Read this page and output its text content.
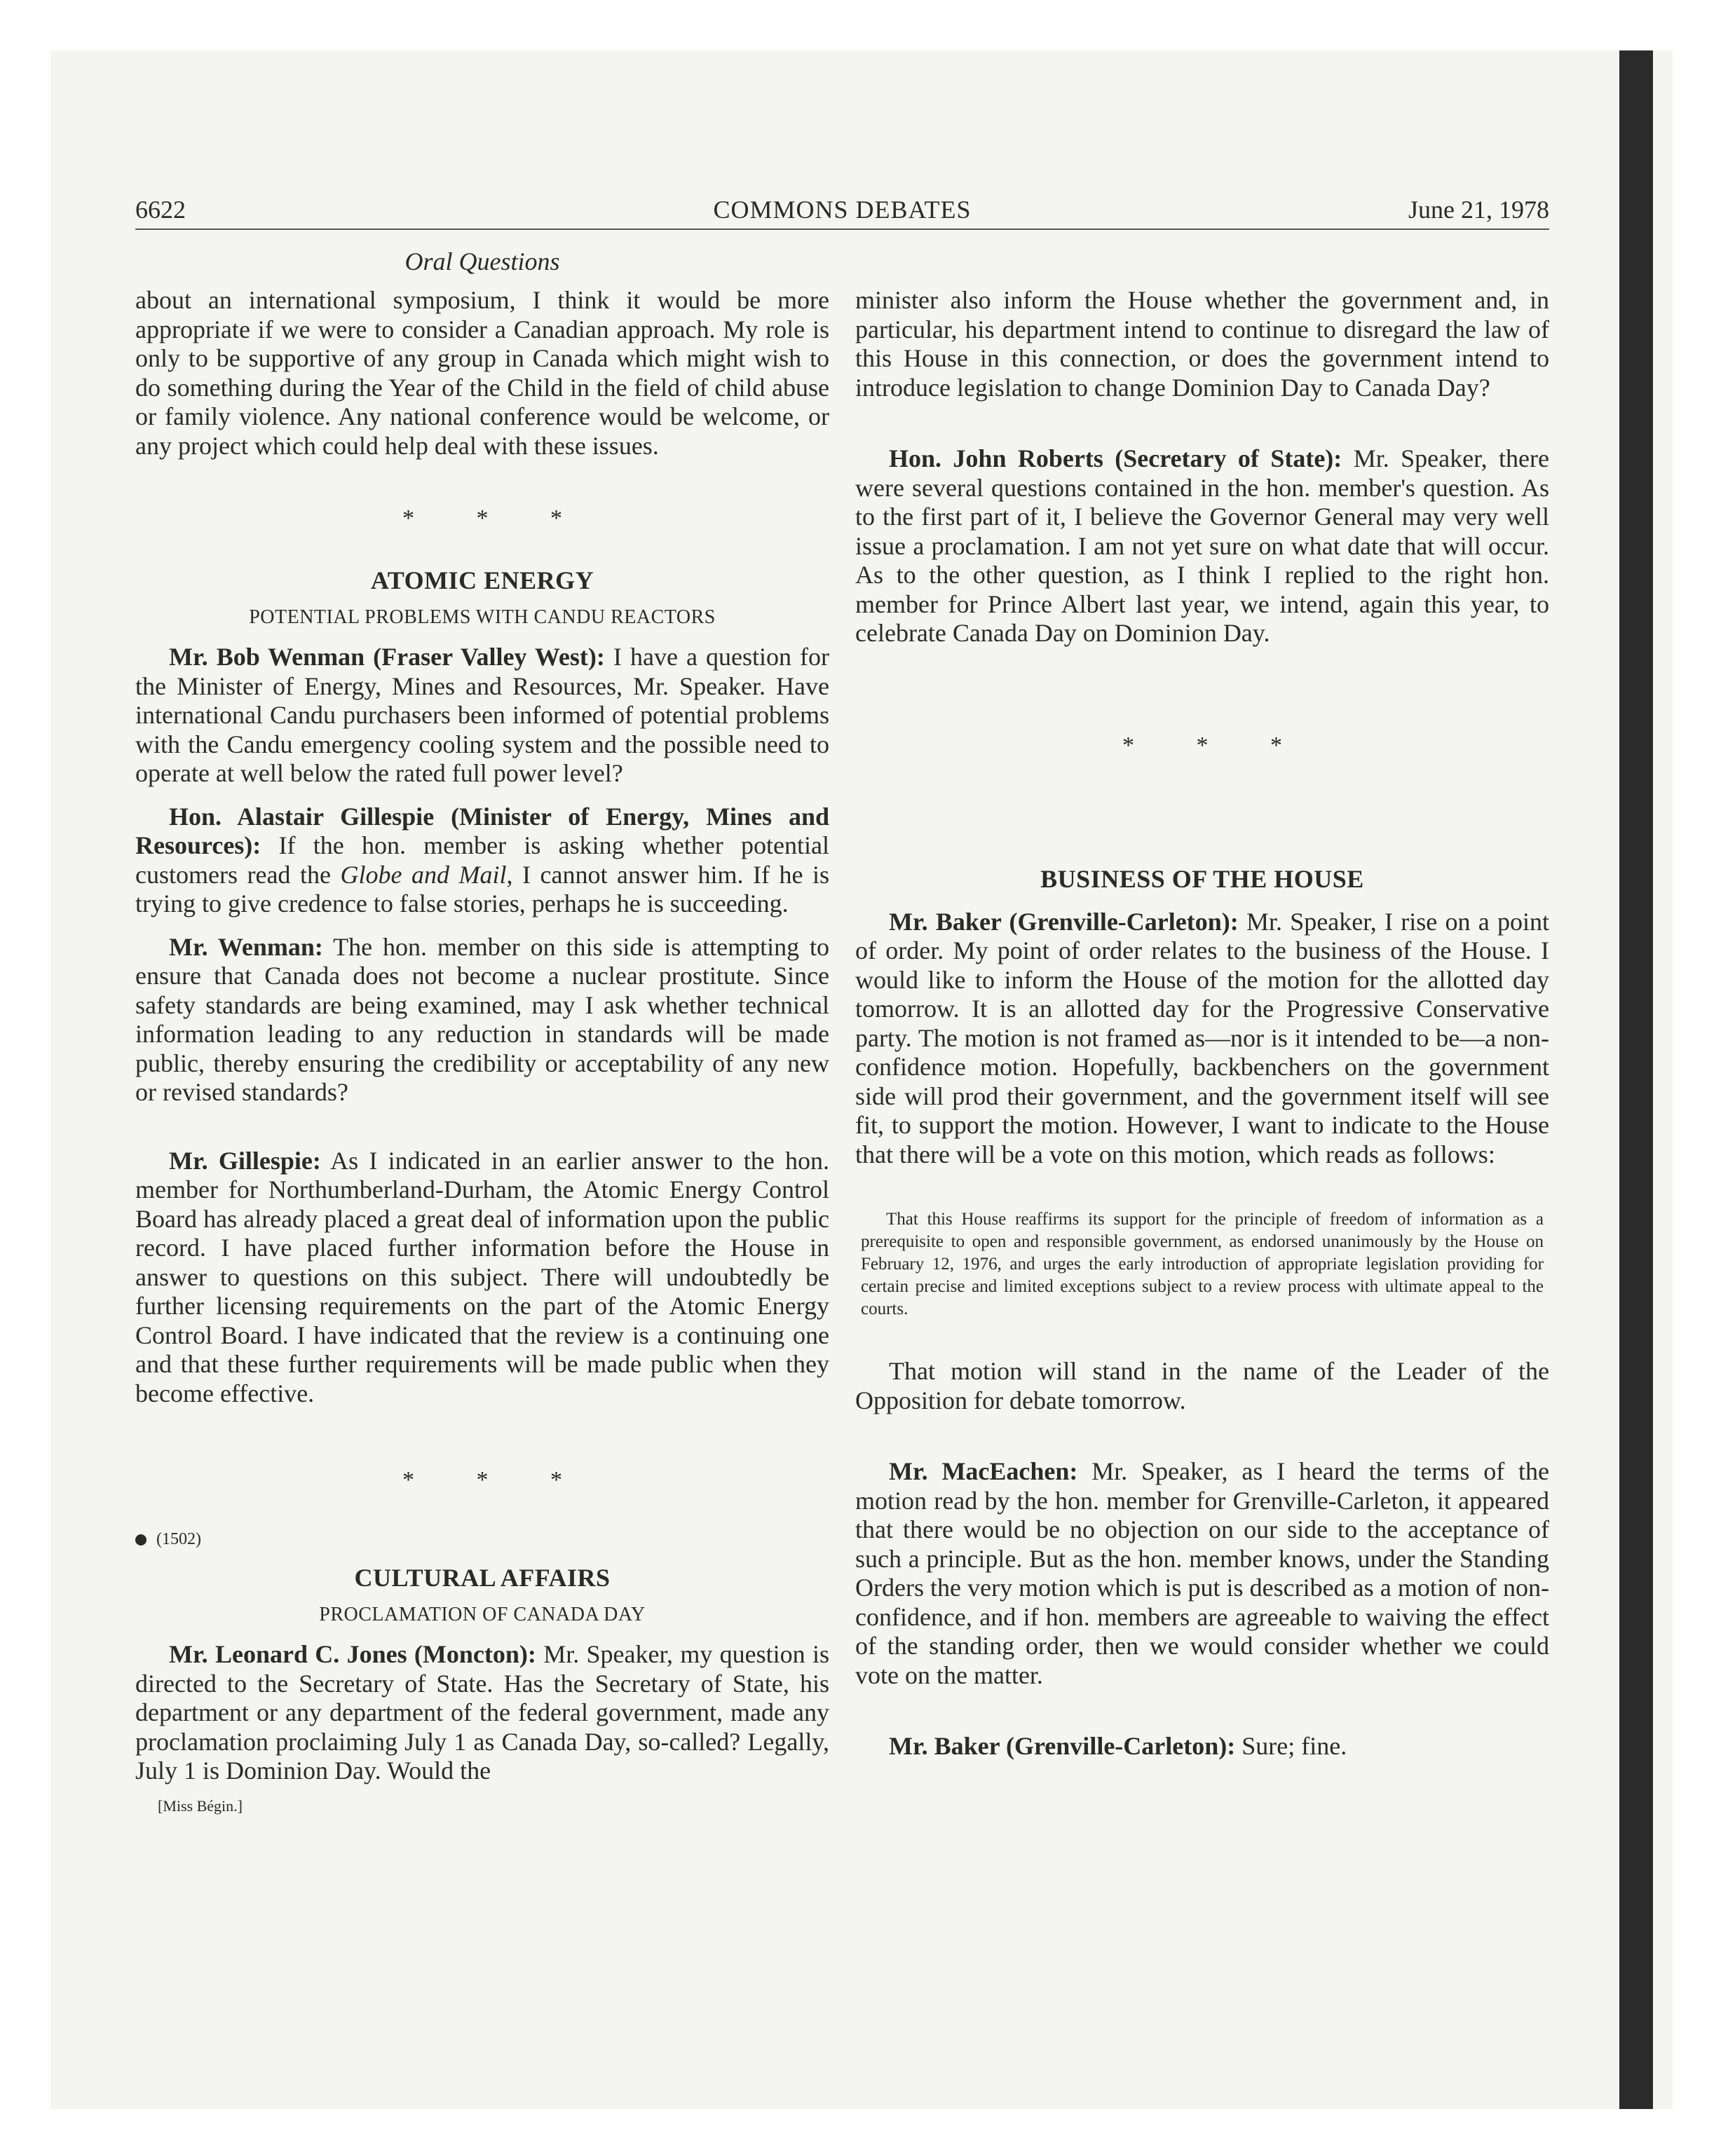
6622	COMMONS DEBATES	June 21, 1978
Oral Questions

about an international symposium, I think it would be more appropriate if we were to consider a Canadian approach. My role is only to be supportive of any group in Canada which might wish to do something during the Year of the Child in the field of child abuse or family violence. Any national conference would be welcome, or any project which could help deal with these issues.

* * *
ATOMIC ENERGY
POTENTIAL PROBLEMS WITH CANDU REACTORS

Mr. Bob Wenman (Fraser Valley West): I have a question for the Minister of Energy, Mines and Resources, Mr. Speaker. Have international Candu purchasers been informed of potential problems with the Candu emergency cooling system and the possible need to operate at well below the rated full power level?

Hon. Alastair Gillespie (Minister of Energy, Mines and Resources): If the hon. member is asking whether potential customers read the Globe and Mail, I cannot answer him. If he is trying to give credence to false stories, perhaps he is succeeding.

Mr. Wenman: The hon. member on this side is attempting to ensure that Canada does not become a nuclear prostitute. Since safety standards are being examined, may I ask whether technical information leading to any reduction in standards will be made public, thereby ensuring the credibility or acceptability of any new or revised standards?

Mr. Gillespie: As I indicated in an earlier answer to the hon. member for Northumberland-Durham, the Atomic Energy Control Board has already placed a great deal of information upon the public record. I have placed further information before the House in answer to questions on this subject. There will undoubtedly be further licensing requirements on the part of the Atomic Energy Control Board. I have indicated that the review is a continuing one and that these further requirements will be made public when they become effective.

* * *
(1502)
CULTURAL AFFAIRS
PROCLAMATION OF CANADA DAY

Mr. Leonard C. Jones (Moncton): Mr. Speaker, my question is directed to the Secretary of State. Has the Secretary of State, his department or any department of the federal government, made any proclamation proclaiming July 1 as Canada Day, so-called? Legally, July 1 is Dominion Day. Would the

[Miss Bégin.]

minister also inform the House whether the government and, in particular, his department intend to continue to disregard the law of this House in this connection, or does the government intend to introduce legislation to change Dominion Day to Canada Day?

Hon. John Roberts (Secretary of State): Mr. Speaker, there were several questions contained in the hon. member's question. As to the first part of it, I believe the Governor General may very well issue a proclamation. I am not yet sure on what date that will occur. As to the other question, as I think I replied to the right hon. member for Prince Albert last year, we intend, again this year, to celebrate Canada Day on Dominion Day.

* * *
BUSINESS OF THE HOUSE

Mr. Baker (Grenville-Carleton): Mr. Speaker, I rise on a point of order. My point of order relates to the business of the House. I would like to inform the House of the motion for the allotted day tomorrow. It is an allotted day for the Progressive Conservative party. The motion is not framed as—nor is it intended to be—a non-confidence motion. Hopefully, backbenchers on the government side will prod their government, and the government itself will see fit, to support the motion. However, I want to indicate to the House that there will be a vote on this motion, which reads as follows:

That this House reaffirms its support for the principle of freedom of information as a prerequisite to open and responsible government, as endorsed unanimously by the House on February 12, 1976, and urges the early introduction of appropriate legislation providing for certain precise and limited exceptions subject to a review process with ultimate appeal to the courts.

That motion will stand in the name of the Leader of the Opposition for debate tomorrow.

Mr. MacEachen: Mr. Speaker, as I heard the terms of the motion read by the hon. member for Grenville-Carleton, it appeared that there would be no objection on our side to the acceptance of such a principle. But as the hon. member knows, under the Standing Orders the very motion which is put is described as a motion of non-confidence, and if hon. members are agreeable to waiving the effect of the standing order, then we would consider whether we could vote on the matter.

Mr. Baker (Grenville-Carleton): Sure; fine.
